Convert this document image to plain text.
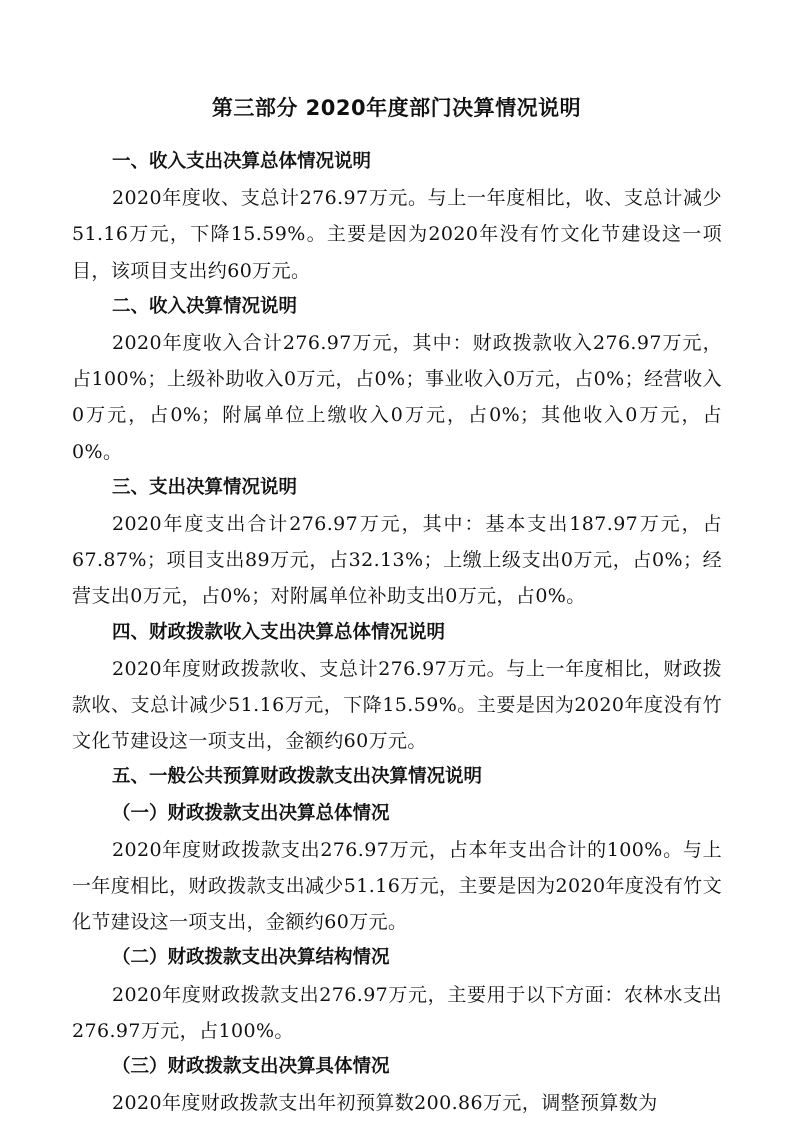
第三部分 2020年度部门决算情况说明
一、收入支出决算总体情况说明

2020年度收、支总计276.97万元。与上一年度相比，收、支总计减少51.16万元，下降15.59%。主要是因为2020年没有竹文化节建设这一项目，该项目支出约60万元。

二、收入决算情况说明

2020年度收入合计276.97万元，其中：财政拨款收入276.97万元，占100%；上级补助收入0万元，占0%；事业收入0万元，占0%；经营收入0万元，占0%；附属单位上缴收入0万元，占0%；其他收入0万元，占0%。

三、支出决算情况说明

2020年度支出合计276.97万元，其中：基本支出187.97万元，占67.87%；项目支出89万元，占32.13%；上缴上级支出0万元，占0%；经营支出0万元，占0%；对附属单位补助支出0万元，占0%。

四、财政拨款收入支出决算总体情况说明

2020年度财政拨款收、支总计276.97万元。与上一年度相比，财政拨款收、支总计减少51.16万元，下降15.59%。主要是因为2020年度没有竹文化节建设这一项支出，金额约60万元。

五、一般公共预算财政拨款支出决算情况说明
（一）财政拨款支出决算总体情况

2020年度财政拨款支出276.97万元，占本年支出合计的100%。与上一年度相比，财政拨款支出减少51.16万元，主要是因为2020年度没有竹文化节建设这一项支出，金额约60万元。

（二）财政拨款支出决算结构情况

2020年度财政拨款支出276.97万元，主要用于以下方面：农林水支出276.97万元，占100%。

（三）财政拨款支出决算具体情况

2020年度财政拨款支出年初预算数200.86万元，调整预算数为
